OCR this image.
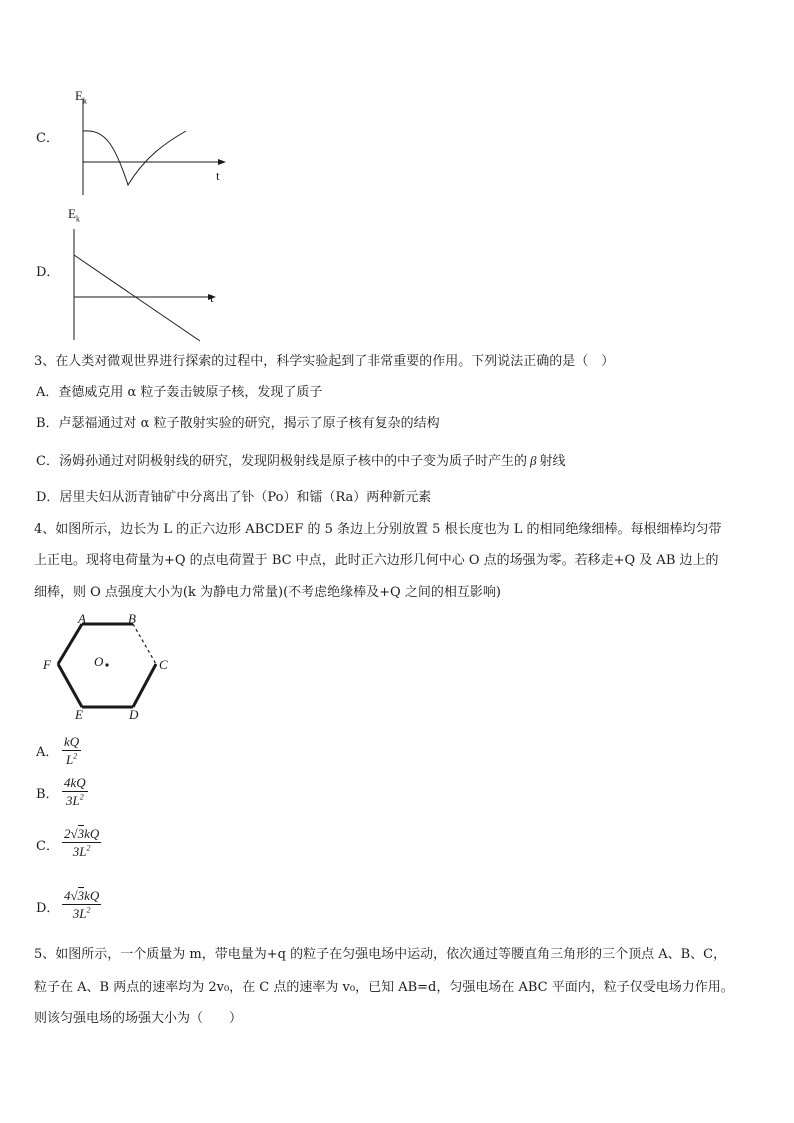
C．
$E_k$
t
D．
$E_k$
t
3、在人类对微观世界进行探索的过程中，科学实验起到了非常重要的作用。下列说法正确的是（　）
A．查德威克用 α 粒子轰击铍原子核，发现了质子
B．卢瑟福通过对 α 粒子散射实验的研究，揭示了原子核有复杂的结构
C．汤姆孙通过对阴极射线的研究，发现阴极射线是原子核中的中子变为质子时产生的 β 射线
D．居里夫妇从沥青铀矿中分离出了钋（Po）和镭（Ra）两种新元素
4、如图所示，边长为 L 的正六边形 ABCDEF 的 5 条边上分别放置 5 根长度也为 L 的相同绝缘细棒。每根细棒均匀带
上正电。现将电荷量为+Q 的点电荷置于 BC 中点，此时正六边形几何中心 O 点的场强为零。若移走+Q 及 AB 边上的
细棒，则 O 点强度大小为(k 为静电力常量)(不考虑绝缘棒及+Q 之间的相互影响)
A	B
C
D
E
F	O
A．
kQ
$L^2$
B．
4kQ
$3L^2$
C．
2√3kQ
$3L^2$
D．
4√3kQ
$3L^2$
5、如图所示，一个质量为 m，带电量为+q 的粒子在匀强电场中运动，依次通过等腰直角三角形的三个顶点 A、B、C，
粒子在 A、B 两点的速率均为 2v₀，在 C 点的速率为 v₀，已知 AB=d，匀强电场在 ABC 平面内，粒子仅受电场力作用。
则该匀强电场的场强大小为（　　）
